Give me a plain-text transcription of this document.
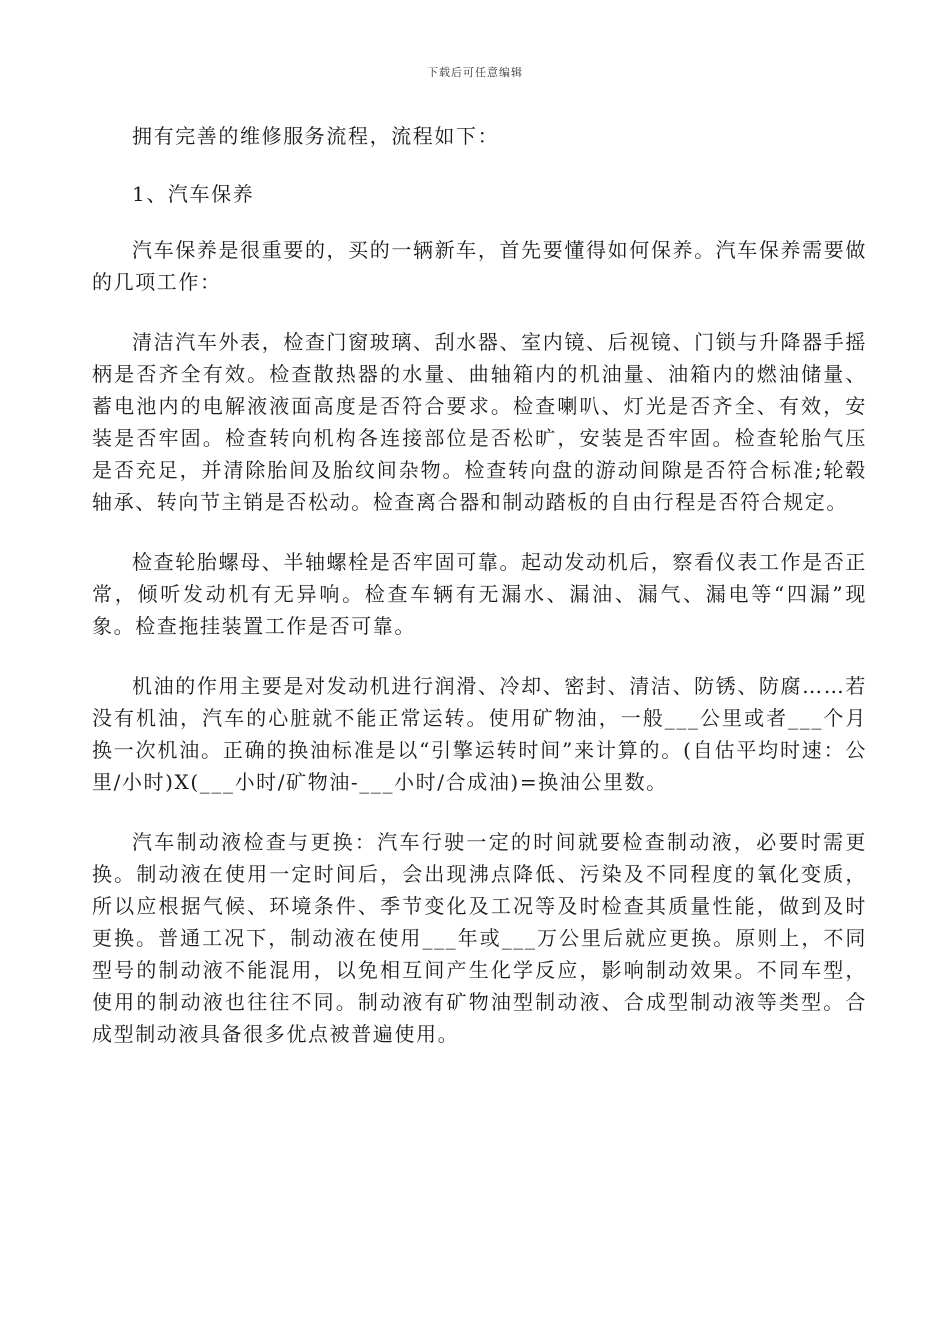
下载后可任意编辑

拥有完善的维修服务流程，流程如下：

1、汽车保养

汽车保养是很重要的，买的一辆新车，首先要懂得如何保养。汽车保养需要做的几项工作：

清洁汽车外表，检查门窗玻璃、刮水器、室内镜、后视镜、门锁与升降器手摇柄是否齐全有效。检查散热器的水量、曲轴箱内的机油量、油箱内的燃油储量、蓄电池内的电解液液面高度是否符合要求。检查喇叭、灯光是否齐全、有效，安装是否牢固。检查转向机构各连接部位是否松旷，安装是否牢固。检查轮胎气压是否充足，并清除胎间及胎纹间杂物。检查转向盘的游动间隙是否符合标准;轮毂轴承、转向节主销是否松动。检查离合器和制动踏板的自由行程是否符合规定。

检查轮胎螺母、半轴螺栓是否牢固可靠。起动发动机后，察看仪表工作是否正常，倾听发动机有无异响。检查车辆有无漏水、漏油、漏气、漏电等“四漏”现象。检查拖挂装置工作是否可靠。

机油的作用主要是对发动机进行润滑、冷却、密封、清洁、防锈、防腐……若没有机油，汽车的心脏就不能正常运转。使用矿物油，一般___公里或者___个月换一次机油。正确的换油标准是以“引擎运转时间”来计算的。(自估平均时速：公里/小时)X(___小时/矿物油-___小时/合成油)=换油公里数。

汽车制动液检查与更换：汽车行驶一定的时间就要检查制动液，必要时需更换。制动液在使用一定时间后，会出现沸点降低、污染及不同程度的氧化变质，所以应根据气候、环境条件、季节变化及工况等及时检查其质量性能，做到及时更换。普通工况下，制动液在使用___年或___万公里后就应更换。原则上，不同型号的制动液不能混用，以免相互间产生化学反应，影响制动效果。不同车型，使用的制动液也往往不同。制动液有矿物油型制动液、合成型制动液等类型。合成型制动液具备很多优点被普遍使用。
